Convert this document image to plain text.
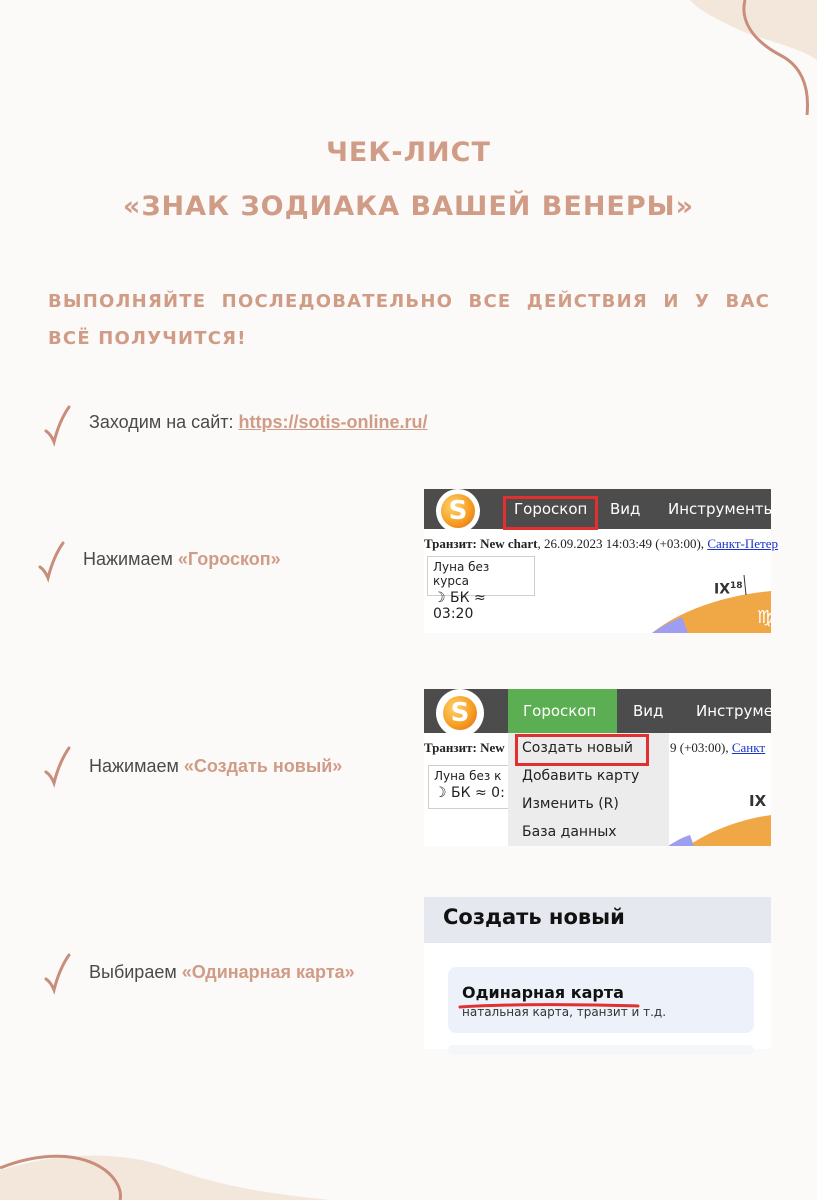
ЧЕК-ЛИСТ
«ЗНАК ЗОДИАКА ВАШЕЙ ВЕНЕРЫ»
ВЫПОЛНЯЙТЕ ПОСЛЕДОВАТЕЛЬНО ВСЕ ДЕЙСТВИЯ И У ВАС ВСЁ ПОЛУЧИТСЯ!
Заходим на сайт: https://sotis-online.ru/
Нажимаем «Гороскоп»
Нажимаем «Создать новый»
Выбираем «Одинарная карта»
S	Гороскоп Вид Инструменты
Транзит: New chart, 26.09.2023 14:03:49 (+03:00), Санкт-Петер
Луна без курса
☽ БК ≈ 03:20
IX$^{18}$
♍
S	Гороскоп Вид Инструме
Транзит: New	9 (+03:00), Санкт
Луна без к
☽ БК ≈ 0:	IX
Создать новый
Добавить карту
Изменить (R)
База данных
Создать новый
Одинарная карта
натальная карта, транзит и т.д.
